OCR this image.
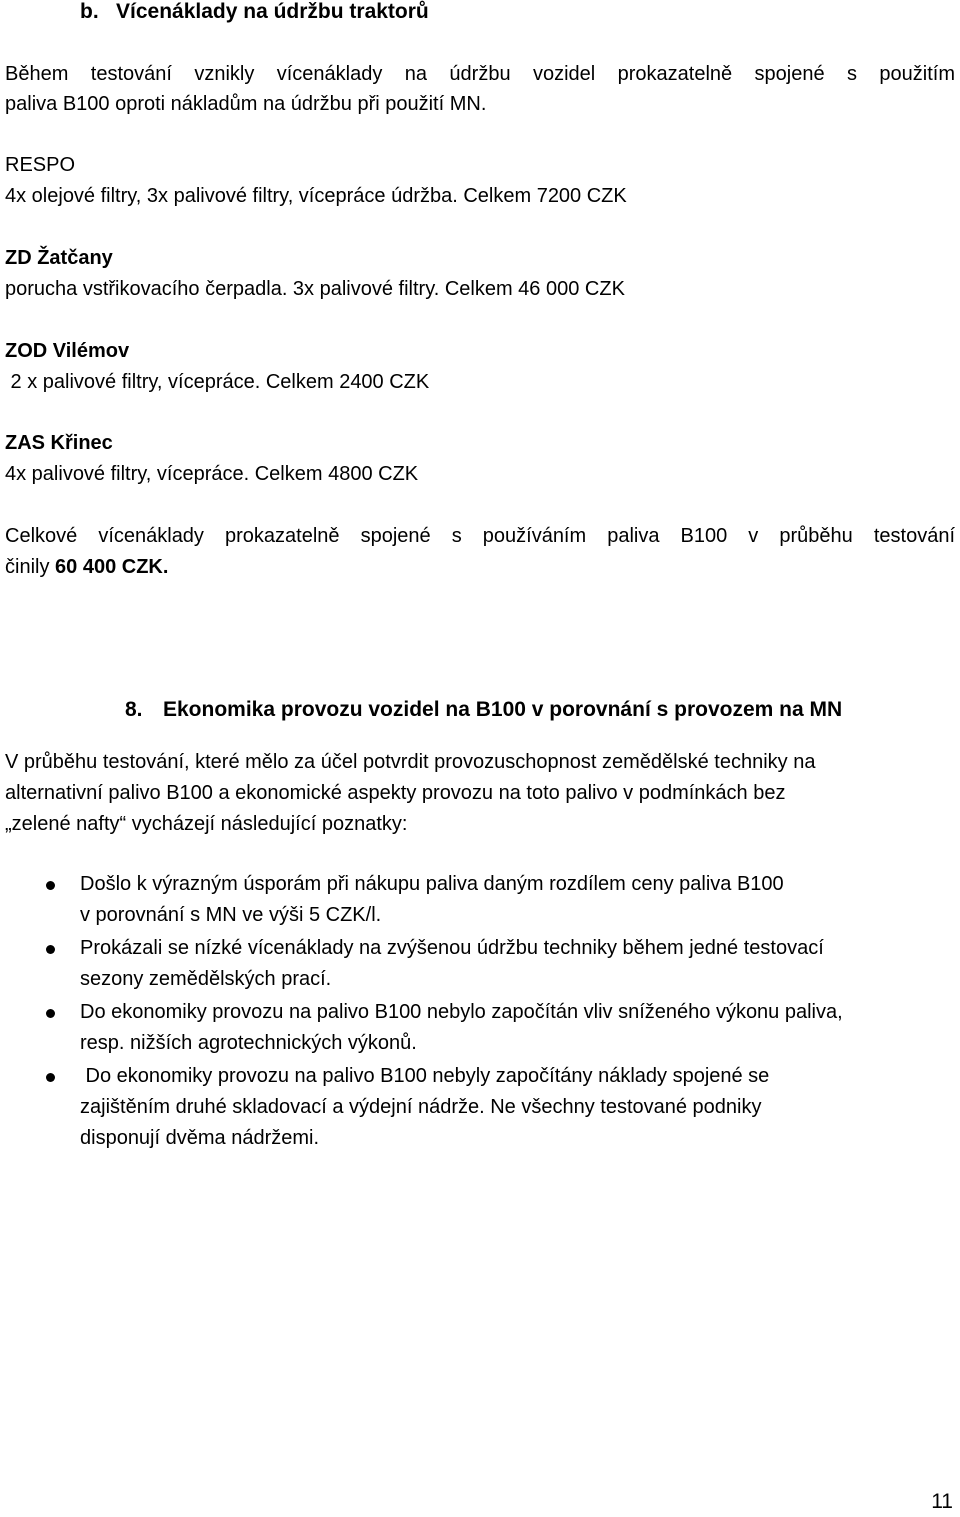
b. Vícenáklady na údržbu traktorů
Během testování vznikly vícenáklady na údržbu vozidel prokazatelně spojené s použitím
paliva B100 oproti nákladům na údržbu při použití MN.
RESPO
4x olejové filtry, 3x palivové filtry, vícepráce údržba. Celkem 7200 CZK
ZD Žatčany
porucha vstřikovacího čerpadla. 3x palivové filtry. Celkem 46 000 CZK
ZOD Vilémov
2 x palivové filtry, vícepráce. Celkem 2400 CZK
ZAS Křinec
4x palivové filtry, vícepráce. Celkem 4800 CZK
Celkové vícenáklady prokazatelně spojené s používáním paliva B100 v průběhu testování
činily 60 400 CZK.
8. Ekonomika provozu vozidel na B100 v porovnání s provozem na MN
V průběhu testování, které mělo za účel potvrdit provozuschopnost zemědělské techniky na
alternativní palivo B100 a ekonomické aspekty provozu na toto palivo v podmínkách bez
„zelené nafty“ vycházejí následující poznatky:
Došlo k výrazným úsporám při nákupu paliva daným rozdílem ceny paliva B100
v porovnání s MN ve výši 5 CZK/l.
Prokázali se nízké vícenáklady na zvýšenou údržbu techniky během jedné testovací
sezony zemědělských prací.
Do ekonomiky provozu na palivo B100 nebylo započítán vliv sníženého výkonu paliva,
resp. nižších agrotechnických výkonů.
Do ekonomiky provozu na palivo B100 nebyly započítány náklady spojené se
zajištěním druhé skladovací a výdejní nádrže. Ne všechny testované podniky
disponují dvěma nádržemi.
11
